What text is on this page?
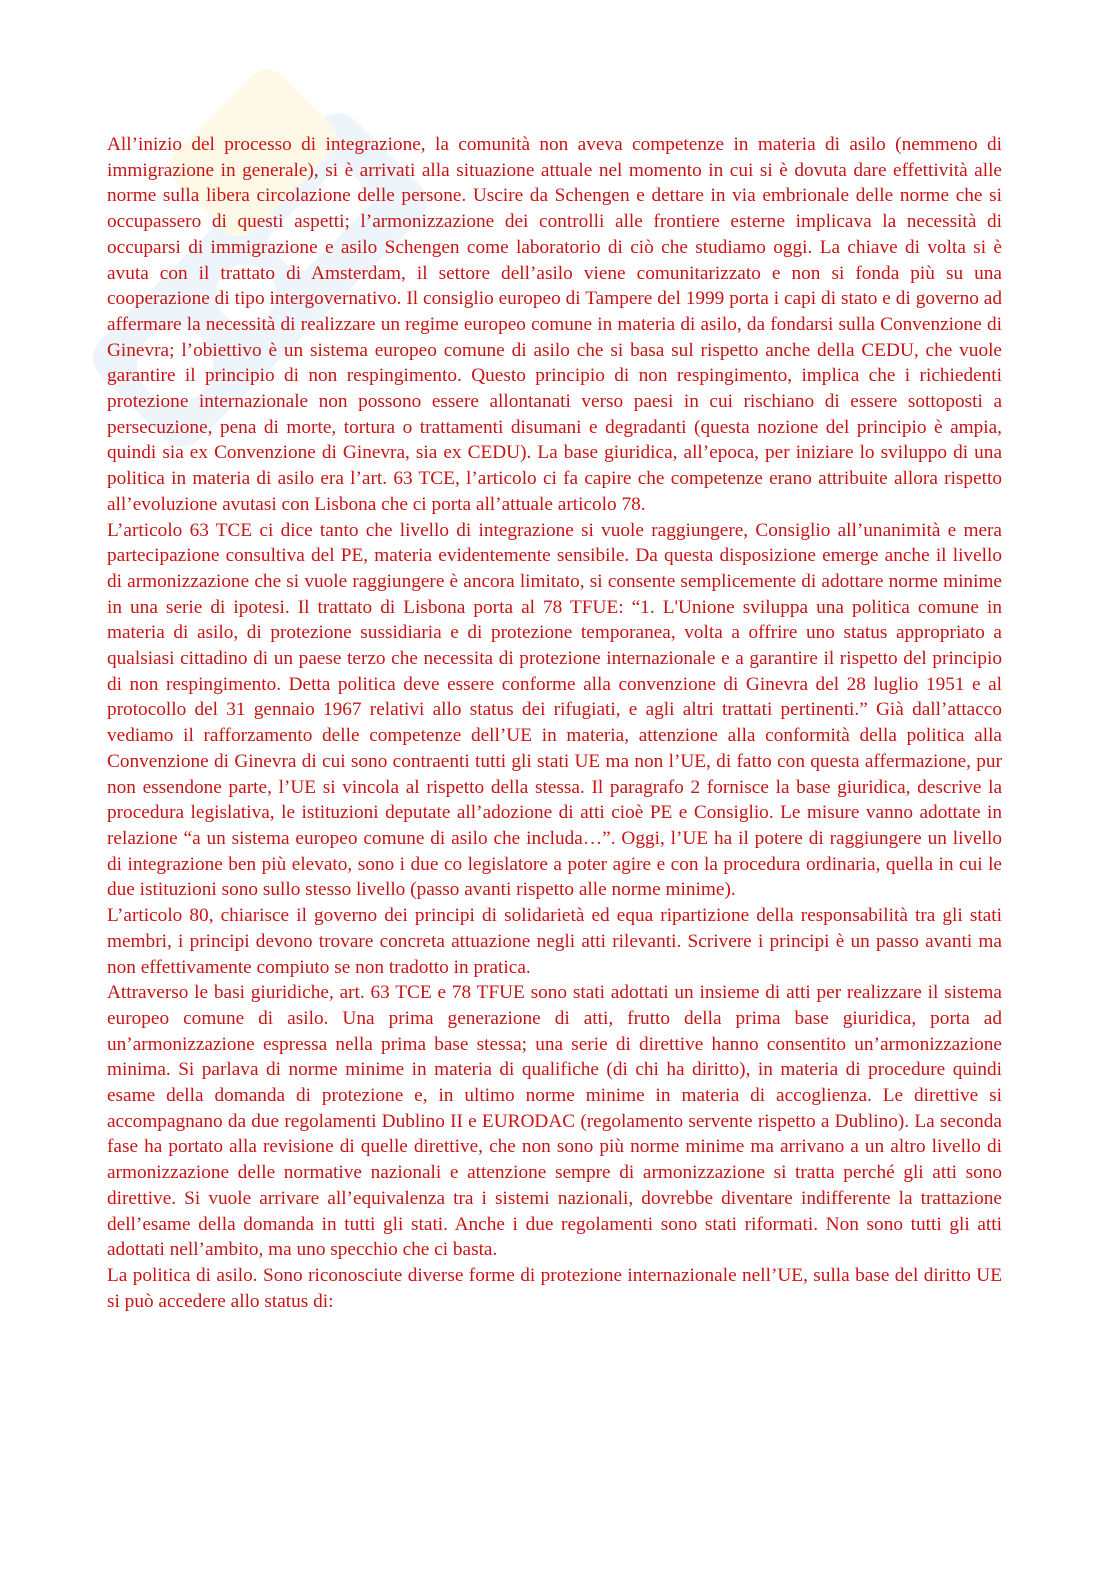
All’inizio del processo di integrazione, la comunità non aveva competenze in materia di asilo (nemmeno di immigrazione in generale), si è arrivati alla situazione attuale nel momento in cui si è dovuta dare effettività alle norme sulla libera circolazione delle persone. Uscire da Schengen e dettare in via embrionale delle norme che si occupassero di questi aspetti; l’armonizzazione dei controlli alle frontiere esterne implicava la necessità di occuparsi di immigrazione e asilo Schengen come laboratorio di ciò che studiamo oggi. La chiave di volta si è avuta con il trattato di Amsterdam, il settore dell’asilo viene comunitarizzato e non si fonda più su una cooperazione di tipo intergovernativo. Il consiglio europeo di Tampere del 1999 porta i capi di stato e di governo ad affermare la necessità di realizzare un regime europeo comune in materia di asilo, da fondarsi sulla Convenzione di Ginevra; l’obiettivo è un sistema europeo comune di asilo che si basa sul rispetto anche della CEDU, che vuole garantire il principio di non respingimento. Questo principio di non respingimento, implica che i richiedenti protezione internazionale non possono essere allontanati verso paesi in cui rischiano di essere sottoposti a persecuzione, pena di morte, tortura o trattamenti disumani e degradanti (questa nozione del principio è ampia, quindi sia ex Convenzione di Ginevra, sia ex CEDU). La base giuridica, all’epoca, per iniziare lo sviluppo di una politica in materia di asilo era l’art. 63 TCE, l’articolo ci fa capire che competenze erano attribuite allora rispetto all’evoluzione avutasi con Lisbona che ci porta all’attuale articolo 78.

L’articolo 63 TCE ci dice tanto che livello di integrazione si vuole raggiungere, Consiglio all’unanimità e mera partecipazione consultiva del PE, materia evidentemente sensibile. Da questa disposizione emerge anche il livello di armonizzazione che si vuole raggiungere è ancora limitato, si consente semplicemente di adottare norme minime in una serie di ipotesi. Il trattato di Lisbona porta al 78 TFUE: “1. L'Unione sviluppa una politica comune in materia di asilo, di protezione sussidiaria e di protezione temporanea, volta a offrire uno status appropriato a qualsiasi cittadino di un paese terzo che necessita di protezione internazionale e a garantire il rispetto del principio di non respingimento. Detta politica deve essere conforme alla convenzione di Ginevra del 28 luglio 1951 e al protocollo del 31 gennaio 1967 relativi allo status dei rifugiati, e agli altri trattati pertinenti.” Già dall’attacco vediamo il rafforzamento delle competenze dell’UE in materia, attenzione alla conformità della politica alla Convenzione di Ginevra di cui sono contraenti tutti gli stati UE ma non l’UE, di fatto con questa affermazione, pur non essendone parte, l’UE si vincola al rispetto della stessa. Il paragrafo 2 fornisce la base giuridica, descrive la procedura legislativa, le istituzioni deputate all’adozione di atti cioè PE e Consiglio. Le misure vanno adottate in relazione “a un sistema europeo comune di asilo che includa…”. Oggi, l’UE ha il potere di raggiungere un livello di integrazione ben più elevato, sono i due co legislatore a poter agire e con la procedura ordinaria, quella in cui le due istituzioni sono sullo stesso livello (passo avanti rispetto alle norme minime).

L’articolo 80, chiarisce il governo dei principi di solidarietà ed equa ripartizione della responsabilità tra gli stati membri, i principi devono trovare concreta attuazione negli atti rilevanti. Scrivere i principi è un passo avanti ma non effettivamente compiuto se non tradotto in pratica.

Attraverso le basi giuridiche, art. 63 TCE e 78 TFUE sono stati adottati un insieme di atti per realizzare il sistema europeo comune di asilo. Una prima generazione di atti, frutto della prima base giuridica, porta ad un’armonizzazione espressa nella prima base stessa; una serie di direttive hanno consentito un’armonizzazione minima. Si parlava di norme minime in materia di qualifiche (di chi ha diritto), in materia di procedure quindi esame della domanda di protezione e, in ultimo norme minime in materia di accoglienza. Le direttive si accompagnano da due regolamenti Dublino II e EURODAC (regolamento servente rispetto a Dublino). La seconda fase ha portato alla revisione di quelle direttive, che non sono più norme minime ma arrivano a un altro livello di armonizzazione delle normative nazionali e attenzione sempre di armonizzazione si tratta perché gli atti sono direttive. Si vuole arrivare all’equivalenza tra i sistemi nazionali, dovrebbe diventare indifferente la trattazione dell’esame della domanda in tutti gli stati. Anche i due regolamenti sono stati riformati. Non sono tutti gli atti adottati nell’ambito, ma uno specchio che ci basta.

La politica di asilo. Sono riconosciute diverse forme di protezione internazionale nell’UE, sulla base del diritto UE si può accedere allo status di:
